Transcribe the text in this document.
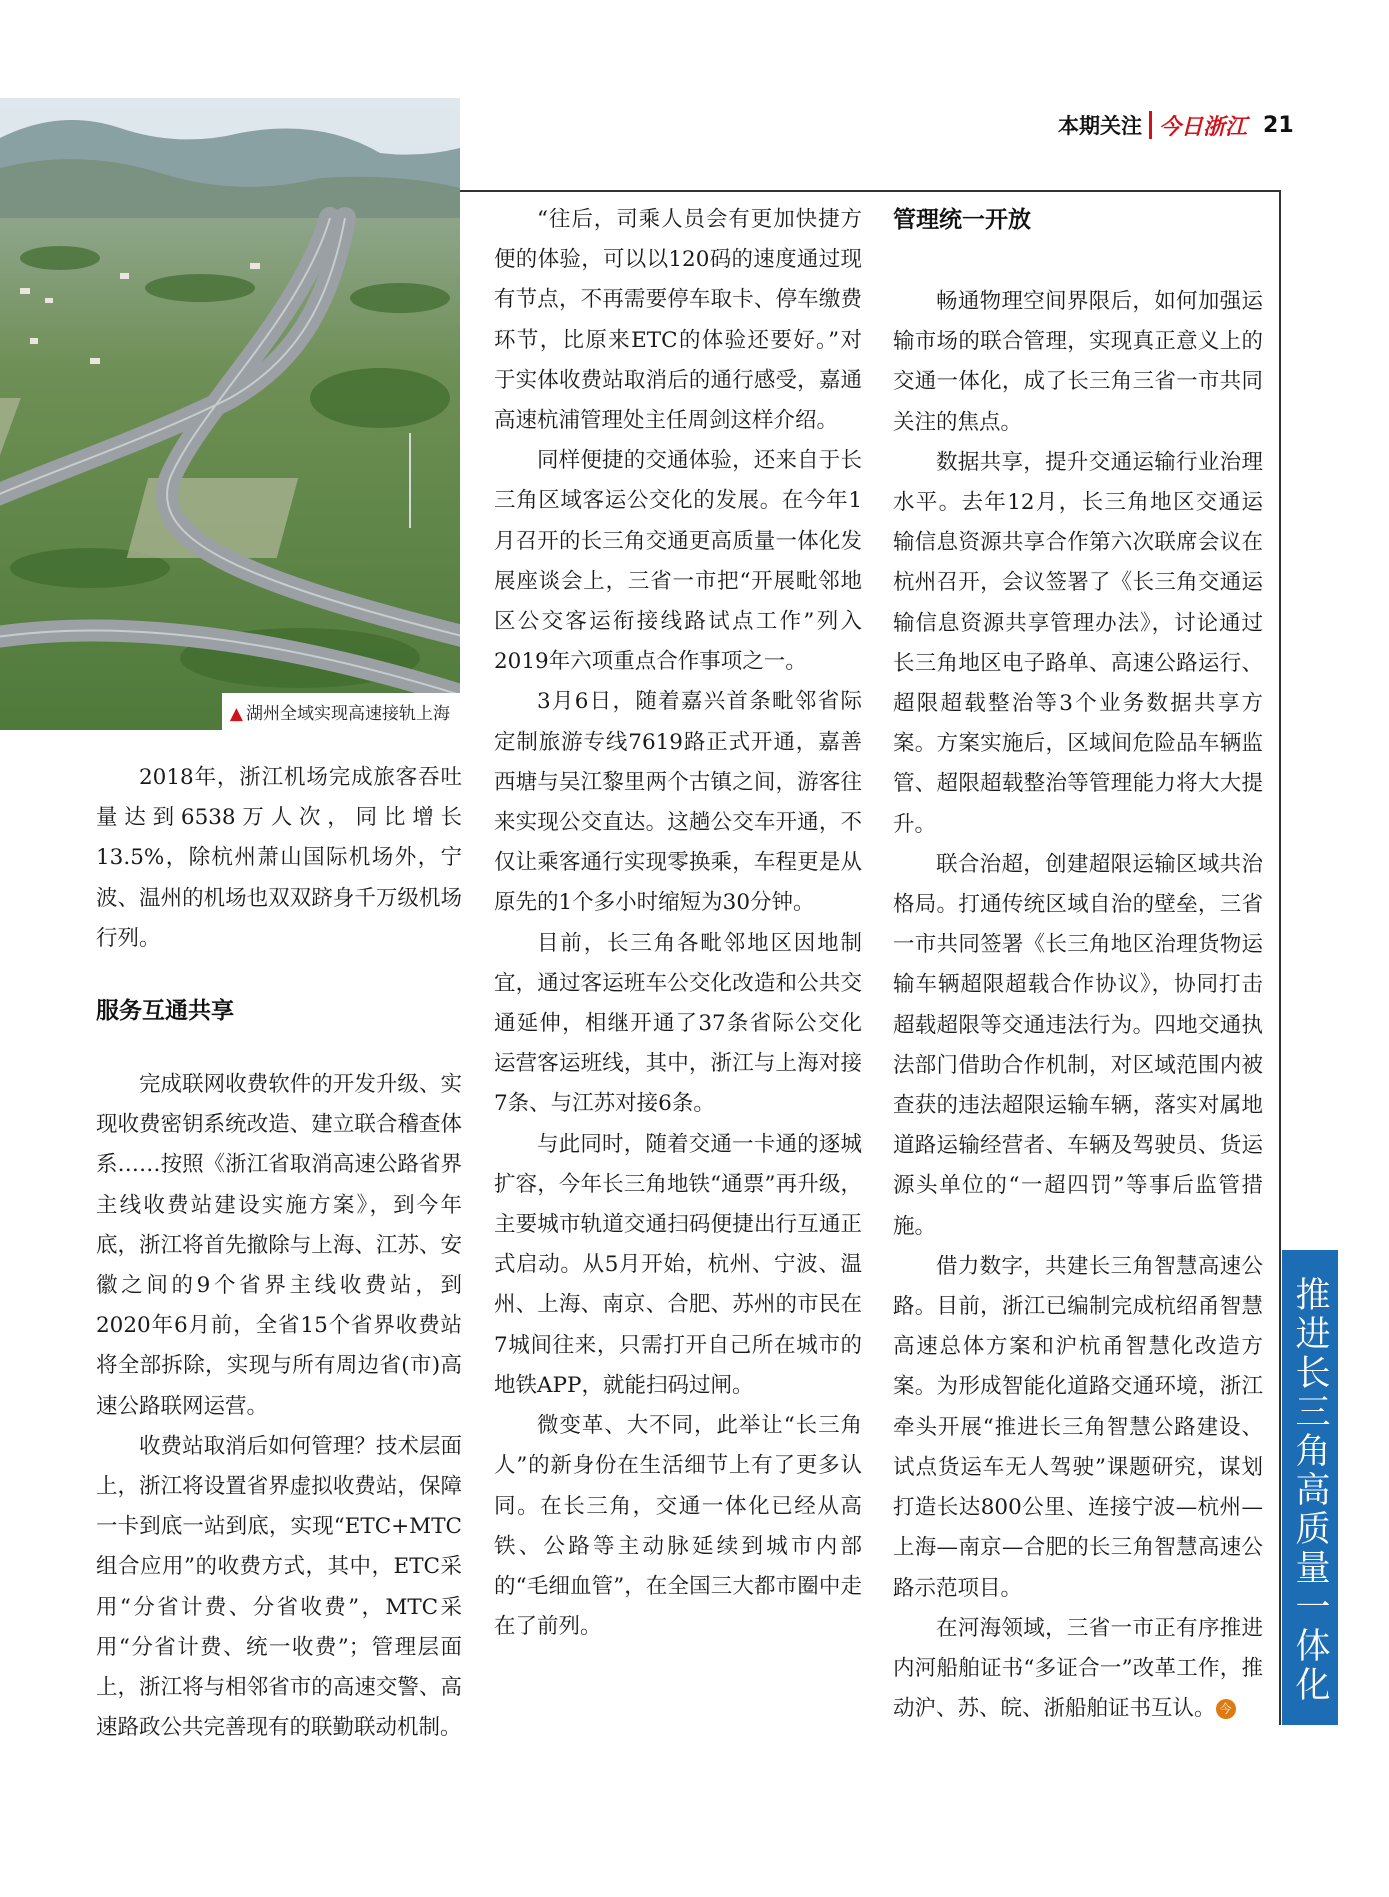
▲ 湖州全域实现高速接轨上海
本期关注 今日浙江 21

2018年，浙江机场完成旅客吞吐量达到6538万人次，同比增长13.5%，除杭州萧山国际机场外，宁波、温州的机场也双双跻身千万级机场行列。

服务互通共享

完成联网收费软件的开发升级、实现收费密钥系统改造、建立联合稽查体系……按照《浙江省取消高速公路省界主线收费站建设实施方案》，到今年底，浙江将首先撤除与上海、江苏、安徽之间的9个省界主线收费站，到2020年6月前，全省15个省界收费站将全部拆除，实现与所有周边省(市)高速公路联网运营。

收费站取消后如何管理？技术层面上，浙江将设置省界虚拟收费站，保障一卡到底一站到底，实现“ETC+MTC组合应用”的收费方式，其中，ETC采用“分省计费、分省收费”，MTC采用“分省计费、统一收费”；管理层面上，浙江将与相邻省市的高速交警、高速路政公共完善现有的联勤联动机制。

“往后，司乘人员会有更加快捷方便的体验，可以以120码的速度通过现有节点，不再需要停车取卡、停车缴费环节，比原来ETC的体验还要好。”对于实体收费站取消后的通行感受，嘉通高速杭浦管理处主任周剑这样介绍。

同样便捷的交通体验，还来自于长三角区域客运公交化的发展。在今年1月召开的长三角交通更高质量一体化发展座谈会上，三省一市把“开展毗邻地区公交客运衔接线路试点工作”列入2019年六项重点合作事项之一。

3月6日，随着嘉兴首条毗邻省际定制旅游专线7619路正式开通，嘉善西塘与吴江黎里两个古镇之间，游客往来实现公交直达。这趟公交车开通，不仅让乘客通行实现零换乘，车程更是从原先的1个多小时缩短为30分钟。

目前，长三角各毗邻地区因地制宜，通过客运班车公交化改造和公共交通延伸，相继开通了37条省际公交化运营客运班线，其中，浙江与上海对接7条、与江苏对接6条。

与此同时，随着交通一卡通的逐城扩容，今年长三角地铁“通票”再升级，主要城市轨道交通扫码便捷出行互通正式启动。从5月开始，杭州、宁波、温州、上海、南京、合肥、苏州的市民在7城间往来，只需打开自己所在城市的地铁APP，就能扫码过闸。

微变革、大不同，此举让“长三角人”的新身份在生活细节上有了更多认同。在长三角，交通一体化已经从高铁、公路等主动脉延续到城市内部的“毛细血管”，在全国三大都市圈中走在了前列。

管理统一开放

畅通物理空间界限后，如何加强运输市场的联合管理，实现真正意义上的交通一体化，成了长三角三省一市共同关注的焦点。

数据共享，提升交通运输行业治理水平。去年12月，长三角地区交通运输信息资源共享合作第六次联席会议在杭州召开，会议签署了《长三角交通运输信息资源共享管理办法》，讨论通过长三角地区电子路单、高速公路运行、超限超载整治等3个业务数据共享方案。方案实施后，区域间危险品车辆监管、超限超载整治等管理能力将大大提升。

联合治超，创建超限运输区域共治格局。打通传统区域自治的壁垒，三省一市共同签署《长三角地区治理货物运输车辆超限超载合作协议》，协同打击超载超限等交通违法行为。四地交通执法部门借助合作机制，对区域范围内被查获的违法超限运输车辆，落实对属地道路运输经营者、车辆及驾驶员、货运源头单位的“一超四罚”等事后监管措施。

借力数字，共建长三角智慧高速公路。目前，浙江已编制完成杭绍甬智慧高速总体方案和沪杭甬智慧化改造方案。为形成智能化道路交通环境，浙江牵头开展“推进长三角智慧公路建设、试点货运车无人驾驶”课题研究，谋划打造长达800公里、连接宁波—杭州—上海—南京—合肥的长三角智慧高速公路示范项目。

在河海领域，三省一市正有序推进内河船舶证书“多证合一”改革工作，推动沪、苏、皖、浙船舶证书互认。 今

推进长三角高质量一体化
